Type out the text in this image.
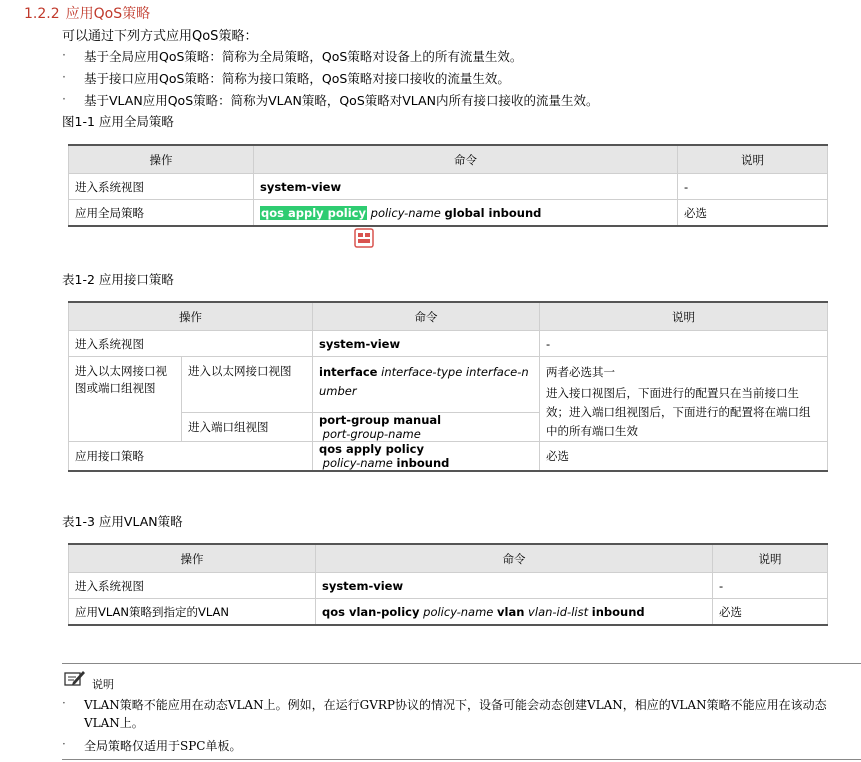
1.2.2 应用QoS策略
可以通过下列方式应用QoS策略：
· 基于全局应用QoS策略：简称为全局策略，QoS策略对设备上的所有流量生效。
· 基于接口应用QoS策略：简称为接口策略，QoS策略对接口接收的流量生效。
· 基于VLAN应用QoS策略：简称为VLAN策略，QoS策略对VLAN内所有接口接收的流量生效。
图1-1 应用全局策略
操作	命令	说明
进入系统视图	system-view	-
应用全局策略	qos apply policy policy-name global inbound	必选
表1-2 应用接口策略
操作		命令	说明
进入系统视图		system-view	-
进入以太网接口视图或端口组视图	进入以太网接口视图	interface interface-type interface-number	两者必选其一
进入接口视图后，下面进行的配置只在当前接口生效；进入端口组视图后，下面进行的配置将在端口组中的所有端口生效

	进入端口组视图	port-group manual port-group-name	
应用接口策略		qos apply policy policy-name inbound	必选
表1-3 应用VLAN策略
操作	命令	说明
进入系统视图	system-view	-
应用VLAN策略到指定的VLAN	qos vlan-policy policy-name vlan vlan-id-list inbound	必选
说明
· VLAN策略不能应用在动态VLAN上。例如，在运行GVRP协议的情况下，设备可能会动态创建VLAN，相应的VLAN策略不能应用在该动态VLAN上。
· 全局策略仅适用于SPC单板。
